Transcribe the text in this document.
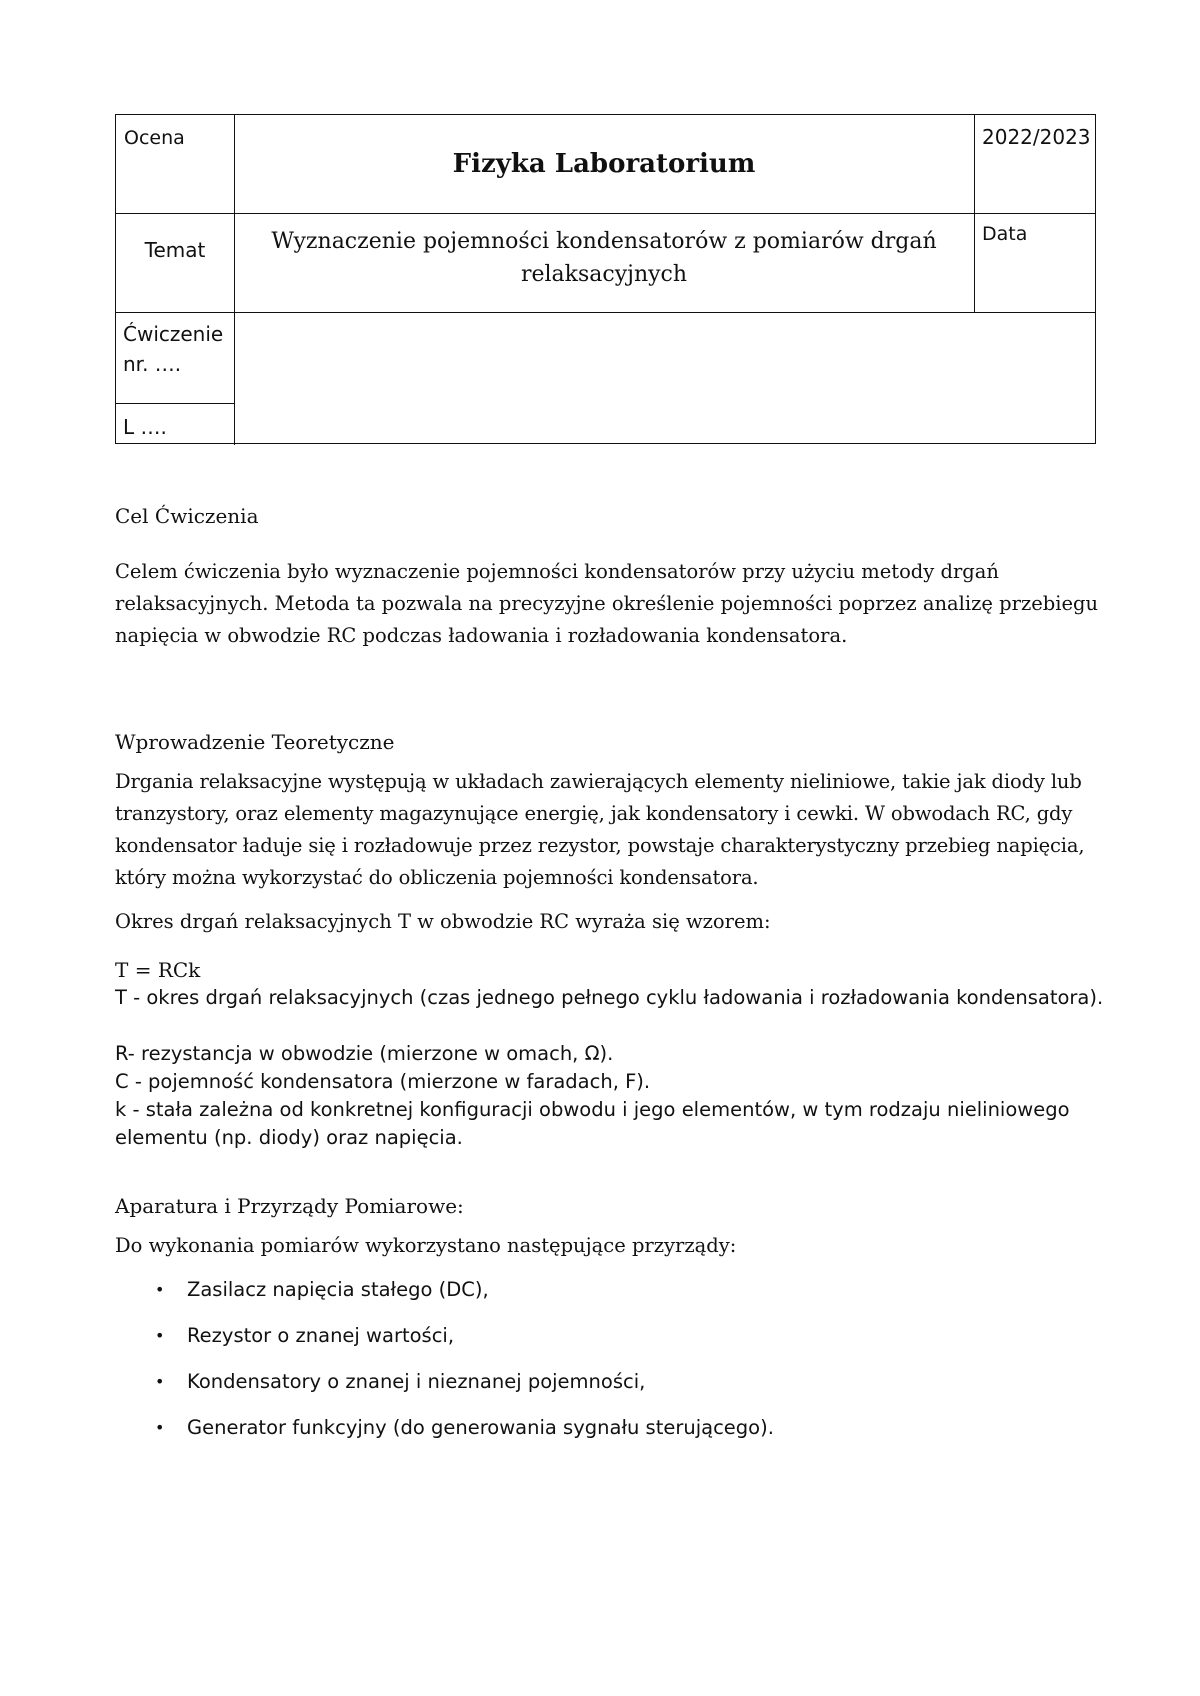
Ocena
Fizyka Laboratorium
2022/2023
Temat	Wyznaczenie pojemności kondensatorów z pomiarów drgań relaksacyjnych
Data
Ćwiczenie nr. ….
L ….

Cel Ćwiczenia

Celem ćwiczenia było wyznaczenie pojemności kondensatorów przy użyciu metody drgań relaksacyjnych. Metoda ta pozwala na precyzyjne określenie pojemności poprzez analizę przebiegu napięcia w obwodzie RC podczas ładowania i rozładowania kondensatora.

Wprowadzenie Teoretyczne

Drgania relaksacyjne występują w układach zawierających elementy nieliniowe, takie jak diody lub tranzystory, oraz elementy magazynujące energię, jak kondensatory i cewki. W obwodach RC, gdy kondensator ładuje się i rozładowuje przez rezystor, powstaje charakterystyczny przebieg napięcia, który można wykorzystać do obliczenia pojemności kondensatora.

Okres drgań relaksacyjnych T w obwodzie RC wyraża się wzorem:

T = RCk

T - okres drgań relaksacyjnych (czas jednego pełnego cyklu ładowania i rozładowania kondensatora).

R- rezystancja w obwodzie (mierzone w omach, Ω).

C - pojemność kondensatora (mierzone w faradach, F).

k - stała zależna od konkretnej konfiguracji obwodu i jego elementów, w tym rodzaju nieliniowego elementu (np. diody) oraz napięcia.

Aparatura i Przyrządy Pomiarowe:

Do wykonania pomiarów wykorzystano następujące przyrządy:

• Zasilacz napięcia stałego (DC),
• Rezystor o znanej wartości,
• Kondensatory o znanej i nieznanej pojemności,
• Generator funkcyjny (do generowania sygnału sterującego).
